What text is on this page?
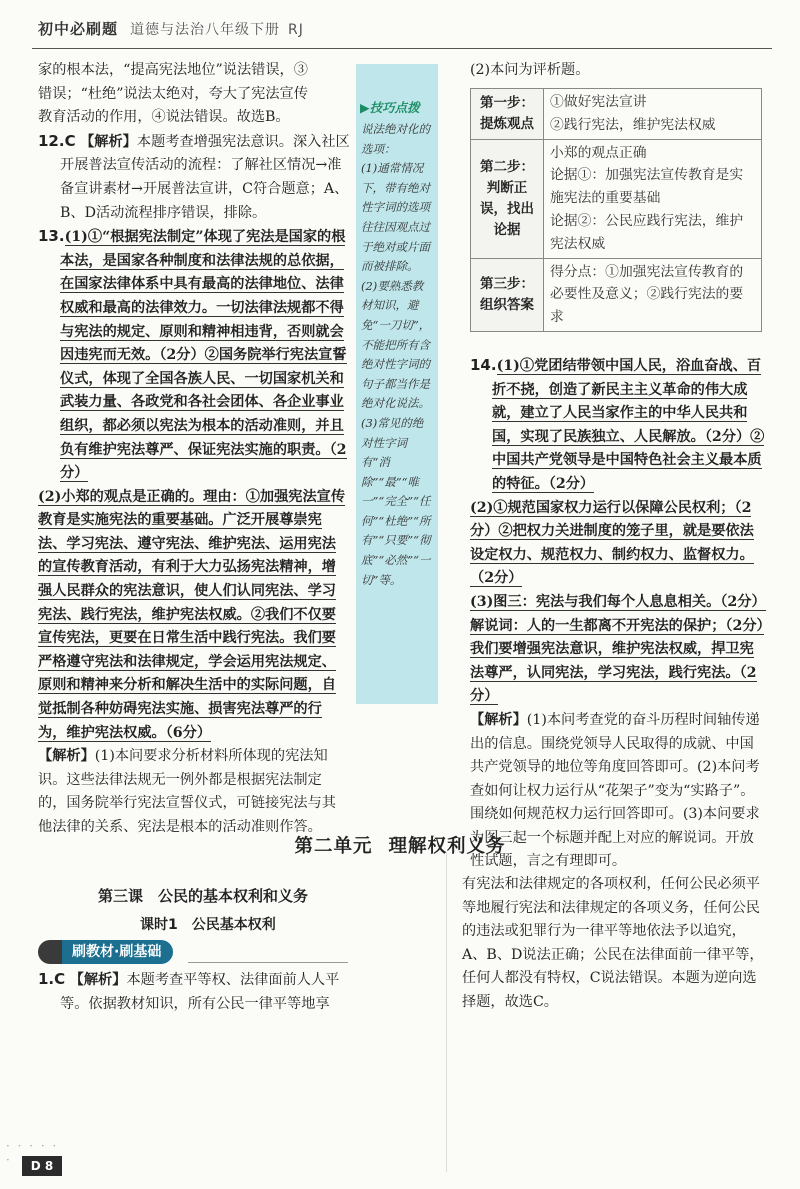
初中必刷题 道德与法治八年级下册 RJ

家的根本法，“提高宪法地位”说法错误，③

错误；“杜绝”说法太绝对，夸大了宪法宣传

教育活动的作用，④说法错误。故选B。

12.C 【解析】本题考查增强宪法意识。深入社区开展普法宣传活动的流程：了解社区情况→准备宣讲素材→开展普法宣讲，C符合题意；A、B、D活动流程排序错误，排除。

13.(1)①“根据宪法制定”体现了宪法是国家的根本法，是国家各种制度和法律法规的总依据，在国家法律体系中具有最高的法律地位、法律权威和最高的法律效力。一切法律法规都不得与宪法的规定、原则和精神相违背，否则就会因违宪而无效。（2分）②国务院举行宪法宣誓仪式，体现了全国各族人民、一切国家机关和武装力量、各政党和各社会团体、各企业事业组织，都必须以宪法为根本的活动准则，并且负有维护宪法尊严、保证宪法实施的职责。（2分）

(2)小郑的观点是正确的。理由：①加强宪法宣传教育是实施宪法的重要基础。广泛开展尊崇宪法、学习宪法、遵守宪法、维护宪法、运用宪法的宣传教育活动，有利于大力弘扬宪法精神，增强人民群众的宪法意识，使人们认同宪法、学习宪法、践行宪法，维护宪法权威。②我们不仅要宣传宪法，更要在日常生活中践行宪法。我们要严格遵守宪法和法律规定，学会运用宪法规定、原则和精神来分析和解决生活中的实际问题，自觉抵制各种妨碍宪法实施、损害宪法尊严的行为，维护宪法权威。（6分）

【解析】(1)本问要求分析材料所体现的宪法知识。这些法律法规无一例外都是根据宪法制定的，国务院举行宪法宣誓仪式，可链接宪法与其他法律的关系、宪法是根本的活动准则作答。

▶技巧点拨

说法绝对化的选项：

(1)通常情况下，带有绝对性字词的选项往往因观点过于绝对或片面而被排除。

(2)要熟悉教材知识，避免“一刀切”，不能把所有含绝对性字词的句子都当作是绝对化说法。

(3)常见的绝对性字词有“消除”“最”“唯一”“完全”“任何”“杜绝”“所有”“只要”“彻底”“必然”“一切”等。

(2)本问为评析题。

第一步：提炼观点	①做好宪法宣讲
②践行宪法，维护宪法权威

第二步：判断正误，找出论据	小郑的观点正确
论据①：加强宪法宣传教育是实施宪法的重要基础
论据②：公民应践行宪法，维护宪法权威

第三步：组织答案	得分点：①加强宪法宣传教育的必要性及意义；②践行宪法的要求

14.(1)①党团结带领中国人民，浴血奋战、百折不挠，创造了新民主主义革命的伟大成就，建立了人民当家作主的中华人民共和国，实现了民族独立、人民解放。（2分）②中国共产党领导是中国特色社会主义最本质的特征。（2分）

(2)①规范国家权力运行以保障公民权利；（2分）②把权力关进制度的笼子里，就是要依法设定权力、规范权力、制约权力、监督权力。（2分）

(3)图三：宪法与我们每个人息息相关。（2分）解说词：人的一生都离不开宪法的保护；（2分）我们要增强宪法意识，维护宪法权威，捍卫宪法尊严，认同宪法，学习宪法，践行宪法。（2分）

【解析】(1)本问考查党的奋斗历程时间轴传递出的信息。围绕党领导人民取得的成就、中国共产党领导的地位等角度回答即可。(2)本问考查如何让权力运行从“花架子”变为“实路子”。围绕如何规范权力运行回答即可。(3)本问要求为图三起一个标题并配上对应的解说词。开放性试题，言之有理即可。

第二单元 理解权利义务
第三课　公民的基本权利和义务
课时1　公民基本权利
刷教材·刷基础

1.C 【解析】本题考查平等权、法律面前人人平等。依据教材知识，所有公民一律平等地享

有宪法和法律规定的各项权利，任何公民必须平等地履行宪法和法律规定的各项义务，任何公民的违法或犯罪行为一律平等地依法予以追究，A、B、D说法正确；公民在法律面前一律平等，任何人都没有特权，C说法错误。本题为逆向选择题，故选C。

· · · · · ·	D 8
